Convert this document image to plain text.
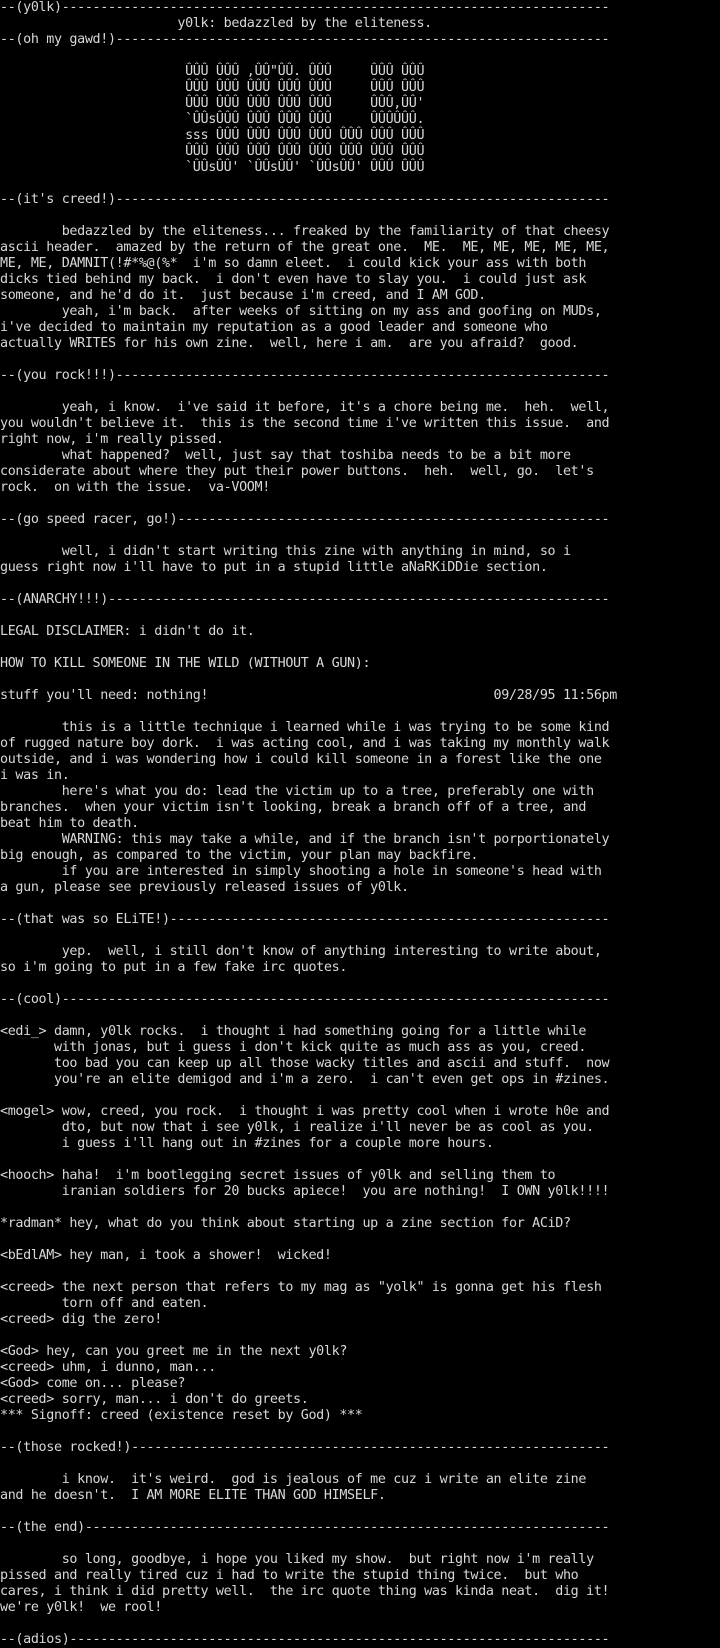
--(y0lk)-----------------------------------------------------------------------
y0lk: bedazzled by the eliteness.
--(oh my gawd!)----------------------------------------------------------------
ÛÛÛ ÛÛÛ ,ÛÛ"ÛÛ. ÛÛÛ     ÛÛÛ ÛÛÛ
ÛÛÛ ÛÛÛ ÛÛÛ ÛÛÛ ÛÛÛ     ÛÛÛ ÛÛÛ
ÛÛÛ ÛÛÛ ÛÛÛ ÛÛÛ ÛÛÛ     ÛÛÛ,ÛÛ'
`ÛÛsÛÛÛ ÛÛÛ ÛÛÛ ÛÛÛ     ÛÛÛÛÛÛ.
sss ÛÛÛ ÛÛÛ ÛÛÛ ÛÛÛ ÛÛÛ ÛÛÛ ÛÛÛ
ÛÛÛ ÛÛÛ ÛÛÛ ÛÛÛ ÛÛÛ ÛÛÛ ÛÛÛ ÛÛÛ
`ÛÛsÛÛ' `ÛÛsÛÛ' `ÛÛsÛÛ' ÛÛÛ ÛÛÛ
--(it's creed!)----------------------------------------------------------------
bedazzled by the eliteness... freaked by the familiarity of that cheesy
ascii header.  amazed by the return of the great one.  ME.  ME, ME, ME, ME, ME,
ME, ME, DAMNIT(!#*%@(%*  i'm so damn eleet.  i could kick your ass with both
dicks tied behind my back.  i don't even have to slay you.  i could just ask
someone, and he'd do it.  just because i'm creed, and I AM GOD.
yeah, i'm back.  after weeks of sitting on my ass and goofing on MUDs,
i've decided to maintain my reputation as a good leader and someone who
actually WRITES for his own zine.  well, here i am.  are you afraid?  good.
--(you rock!!!)----------------------------------------------------------------
yeah, i know.  i've said it before, it's a chore being me.  heh.  well,
you wouldn't believe it.  this is the second time i've written this issue.  and
right now, i'm really pissed.
what happened?  well, just say that toshiba needs to be a bit more
considerate about where they put their power buttons.  heh.  well, go.  let's
rock.  on with the issue.  va-VOOM!
--(go speed racer, go!)--------------------------------------------------------
well, i didn't start writing this zine with anything in mind, so i
guess right now i'll have to put in a stupid little aNaRKiDDie section.
--(ANARCHY!!!)-----------------------------------------------------------------
LEGAL DISCLAIMER: i didn't do it.
HOW TO KILL SOMEONE IN THE WILD (WITHOUT A GUN):
stuff you'll need: nothing!                                     09/28/95 11:56pm
this is a little technique i learned while i was trying to be some kind
of rugged nature boy dork.  i was acting cool, and i was taking my monthly walk
outside, and i was wondering how i could kill someone in a forest like the one
i was in.
here's what you do: lead the victim up to a tree, preferably one with
branches.  when your victim isn't looking, break a branch off of a tree, and
beat him to death.
WARNING: this may take a while, and if the branch isn't porportionately
big enough, as compared to the victim, your plan may backfire.
if you are interested in simply shooting a hole in someone's head with
a gun, please see previously released issues of y0lk.
--(that was so ELiTE!)---------------------------------------------------------
yep.  well, i still don't know of anything interesting to write about,
so i'm going to put in a few fake irc quotes.
--(cool)-----------------------------------------------------------------------
<edi_> damn, y0lk rocks.  i thought i had something going for a little while
with jonas, but i guess i don't kick quite as much ass as you, creed.
too bad you can keep up all those wacky titles and ascii and stuff.  now
you're an elite demigod and i'm a zero.  i can't even get ops in #zines.
<mogel> wow, creed, you rock.  i thought i was pretty cool when i wrote h0e and
dto, but now that i see y0lk, i realize i'll never be as cool as you.
i guess i'll hang out in #zines for a couple more hours.
<hooch> haha!  i'm bootlegging secret issues of y0lk and selling them to
iranian soldiers for 20 bucks apiece!  you are nothing!  I OWN y0lk!!!!
*radman* hey, what do you think about starting up a zine section for ACiD?
<bEdlAM> hey man, i took a shower!  wicked!
<creed> the next person that refers to my mag as "yolk" is gonna get his flesh
torn off and eaten.
<creed> dig the zero!
<God> hey, can you greet me in the next y0lk?
<creed> uhm, i dunno, man...
<God> come on... please?
<creed> sorry, man... i don't do greets.
*** Signoff: creed (existence reset by God) ***
--(those rocked!)--------------------------------------------------------------
i know.  it's weird.  god is jealous of me cuz i write an elite zine
and he doesn't.  I AM MORE ELITE THAN GOD HIMSELF.
--(the end)--------------------------------------------------------------------
so long, goodbye, i hope you liked my show.  but right now i'm really
pissed and really tired cuz i had to write the stupid thing twice.  but who
cares, i think i did pretty well.  the irc quote thing was kinda neat.  dig it!
we're y0lk!  we rool!
--(adios)----------------------------------------------------------------------
